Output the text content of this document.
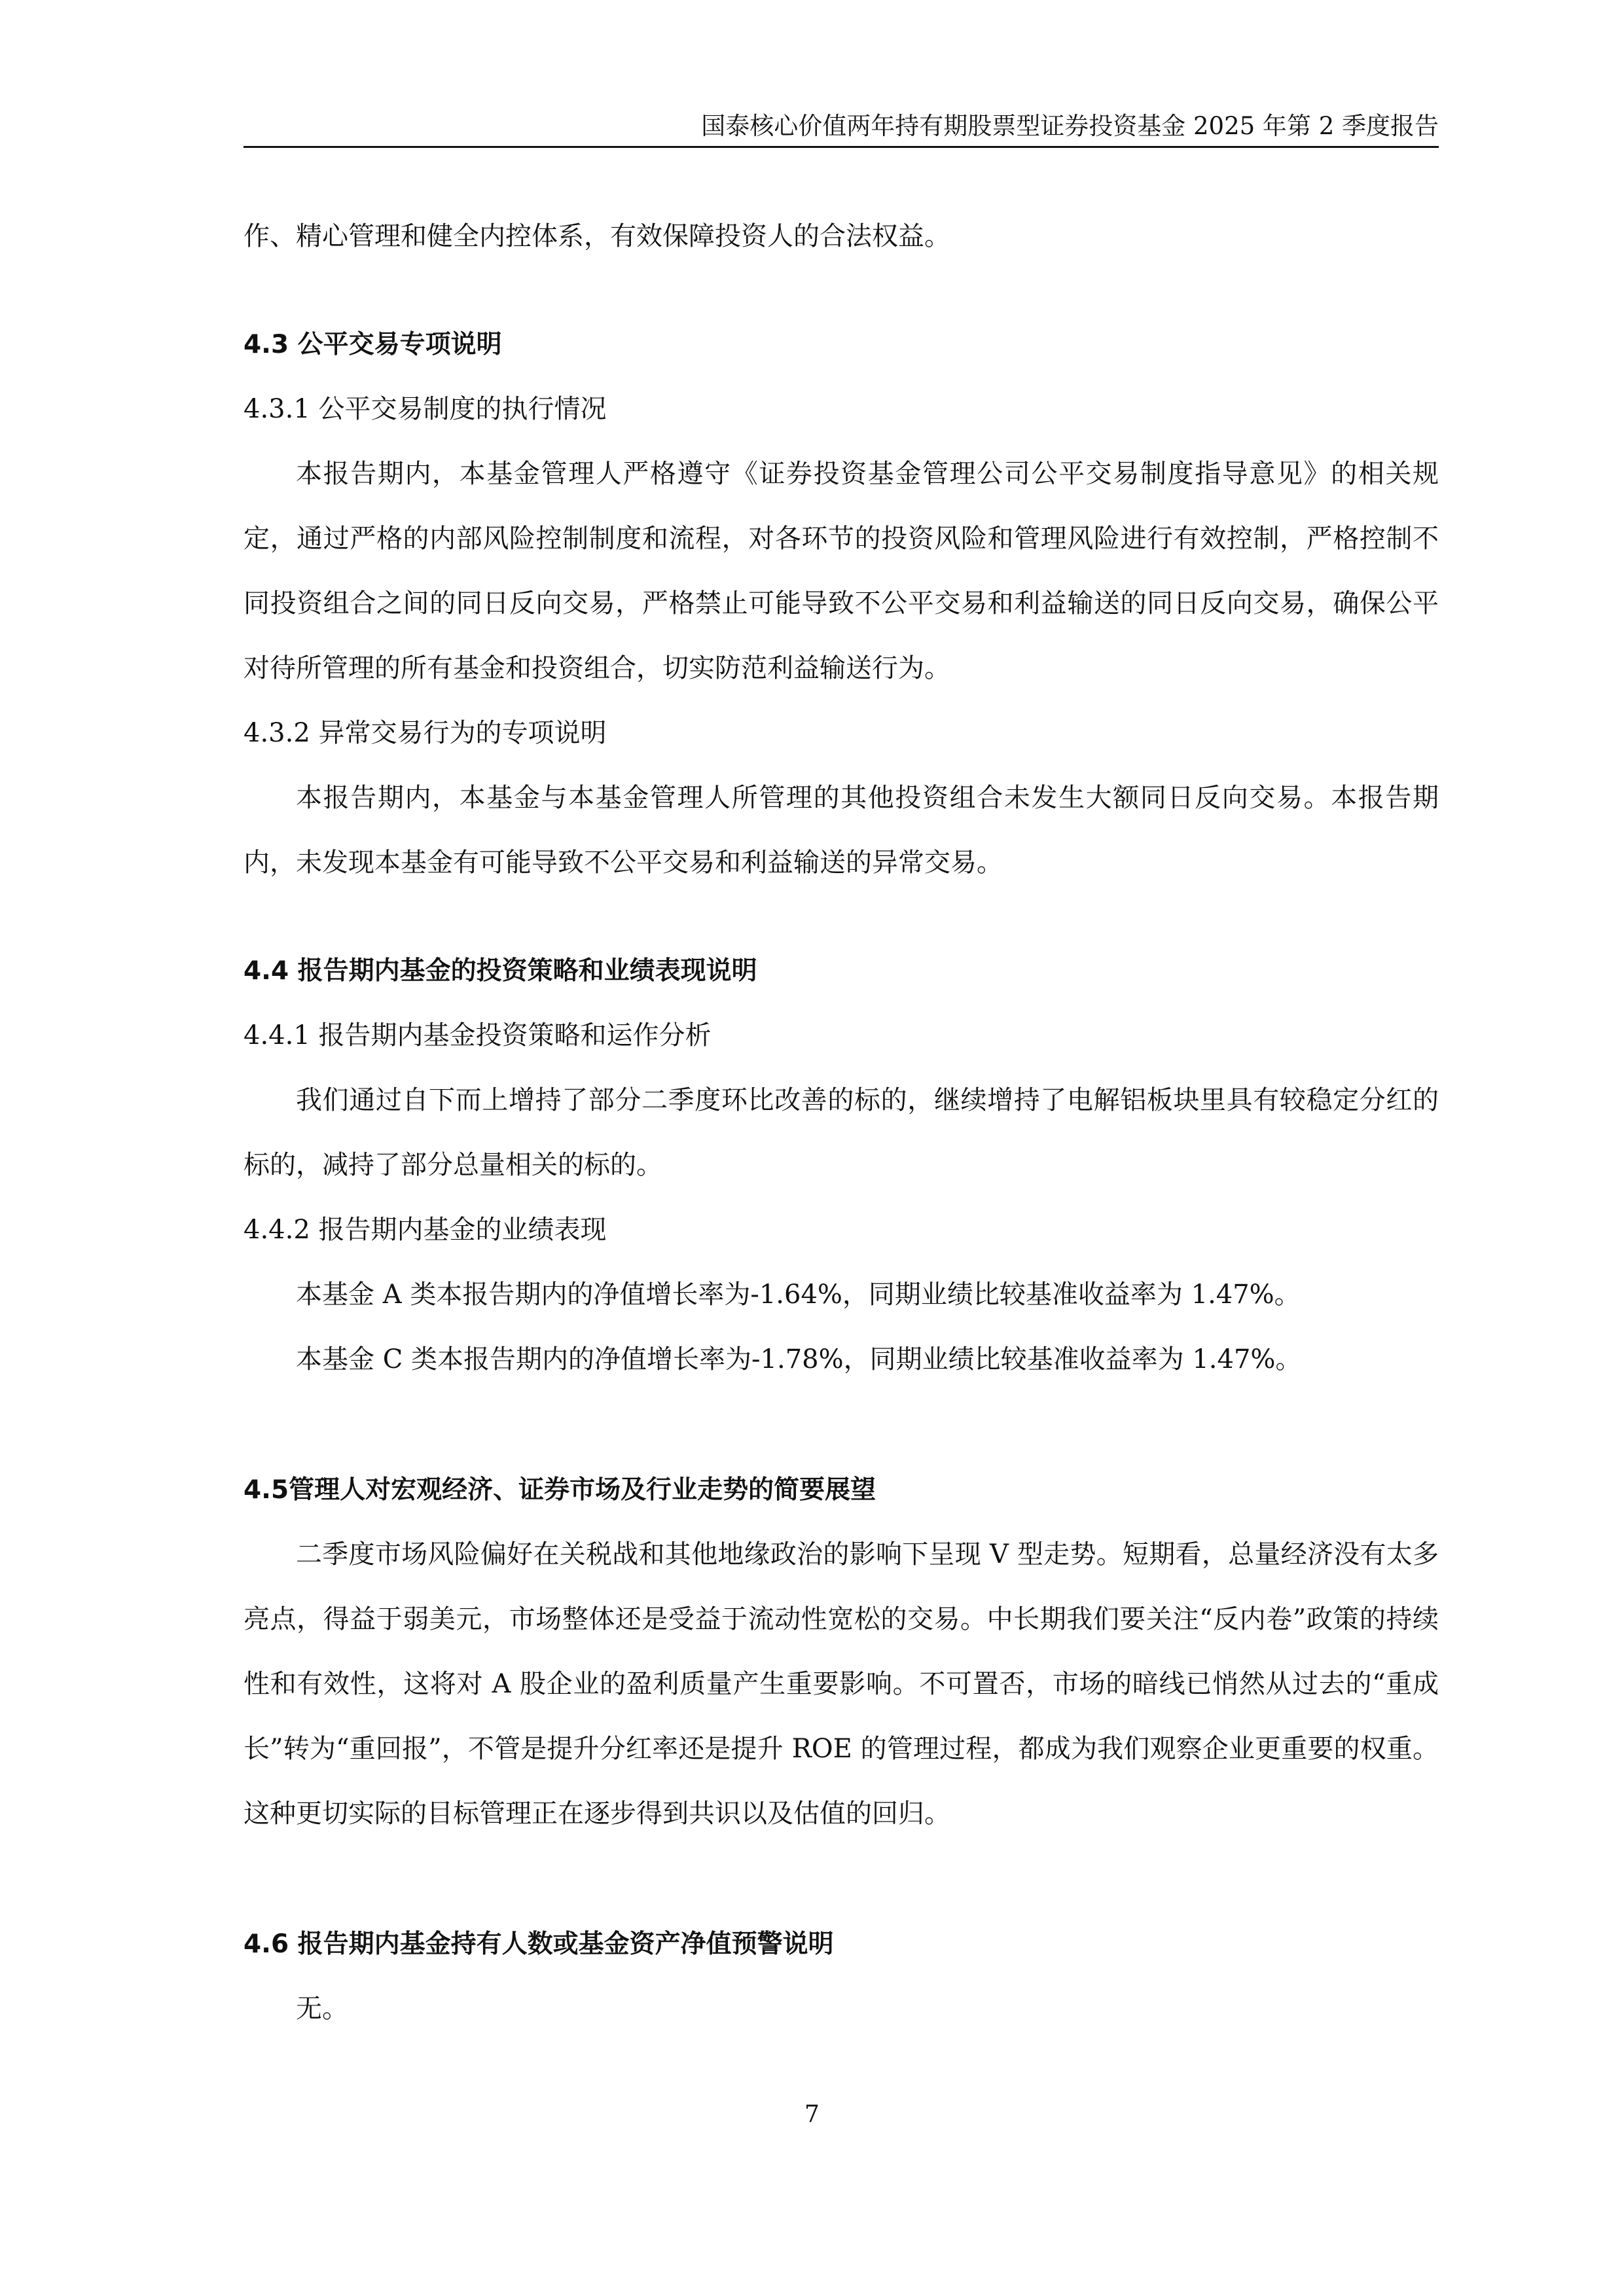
国泰核心价值两年持有期股票型证券投资基金 2025 年第 2 季度报告

作、精心管理和健全内控体系，有效保障投资人的合法权益。

4.3 公平交易专项说明

4.3.1 公平交易制度的执行情况

本报告期内，本基金管理人严格遵守《证券投资基金管理公司公平交易制度指导意见》的相关规定，通过严格的内部风险控制制度和流程，对各环节的投资风险和管理风险进行有效控制，严格控制不同投资组合之间的同日反向交易，严格禁止可能导致不公平交易和利益输送的同日反向交易，确保公平对待所管理的所有基金和投资组合，切实防范利益输送行为。

4.3.2 异常交易行为的专项说明

本报告期内，本基金与本基金管理人所管理的其他投资组合未发生大额同日反向交易。本报告期内，未发现本基金有可能导致不公平交易和利益输送的异常交易。

4.4 报告期内基金的投资策略和业绩表现说明

4.4.1 报告期内基金投资策略和运作分析

我们通过自下而上增持了部分二季度环比改善的标的，继续增持了电解铝板块里具有较稳定分红的标的，减持了部分总量相关的标的。

4.4.2 报告期内基金的业绩表现

本基金 A 类本报告期内的净值增长率为-1.64%，同期业绩比较基准收益率为 1.47%。

本基金 C 类本报告期内的净值增长率为-1.78%，同期业绩比较基准收益率为 1.47%。

4.5管理人对宏观经济、证券市场及行业走势的简要展望

二季度市场风险偏好在关税战和其他地缘政治的影响下呈现 V 型走势。短期看，总量经济没有太多亮点，得益于弱美元，市场整体还是受益于流动性宽松的交易。中长期我们要关注“反内卷”政策的持续性和有效性，这将对 A 股企业的盈利质量产生重要影响。不可置否，市场的暗线已悄然从过去的“重成长”转为“重回报”，不管是提升分红率还是提升 ROE 的管理过程，都成为我们观察企业更重要的权重。这种更切实际的目标管理正在逐步得到共识以及估值的回归。

4.6 报告期内基金持有人数或基金资产净值预警说明

无。

7
